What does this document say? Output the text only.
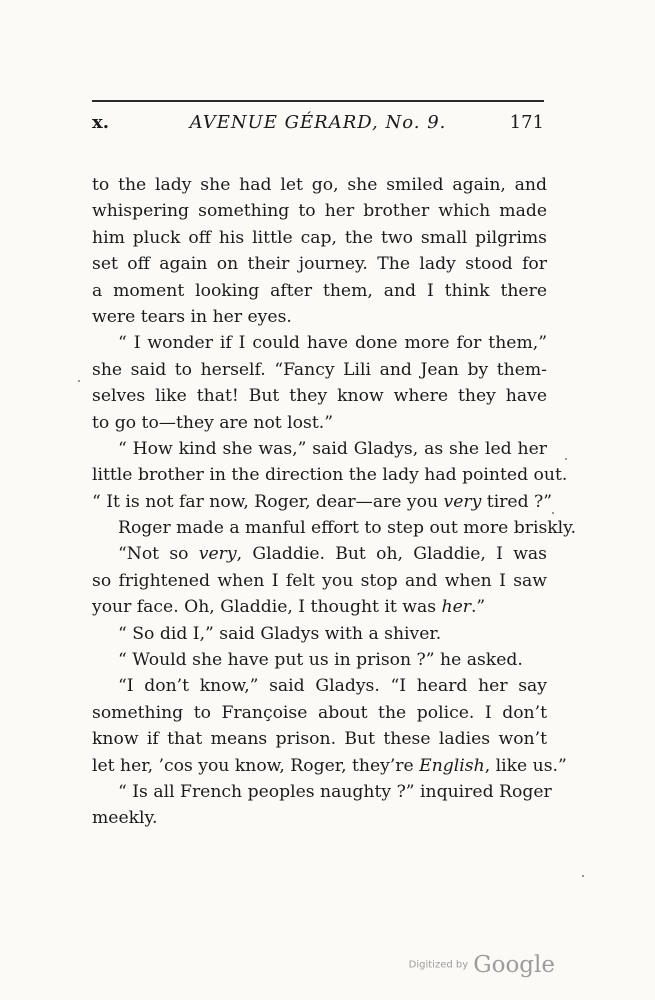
x.	AVENUE GÉRARD, No. 9.	171
to the lady she had let go, she smiled again, and
whispering something to her brother which made
him pluck off his little cap, the two small pilgrims
set off again on their journey. The lady stood for
a moment looking after them, and I think there
were tears in her eyes.
“ I wonder if I could have done more for them,”
she said to herself. “Fancy Lili and Jean by them-
selves like that! But they know where they have
to go to—they are not lost.”
“ How kind she was,” said Gladys, as she led her
little brother in the direction the lady had pointed out.
“ It is not far now, Roger, dear—are you very tired ?”
Roger made a manful effort to step out more briskly.
“Not so very, Gladdie. But oh, Gladdie, I was
so frightened when I felt you stop and when I saw
your face. Oh, Gladdie, I thought it was her.”
“ So did I,” said Gladys with a shiver.
“ Would she have put us in prison ?” he asked.
“I don’t know,” said Gladys. “I heard her say
something to Françoise about the police. I don’t
know if that means prison. But these ladies won’t
let her, ’cos you know, Roger, they’re English, like us.”
“ Is all French peoples naughty ?” inquired Roger
meekly.
Digitized by Google
